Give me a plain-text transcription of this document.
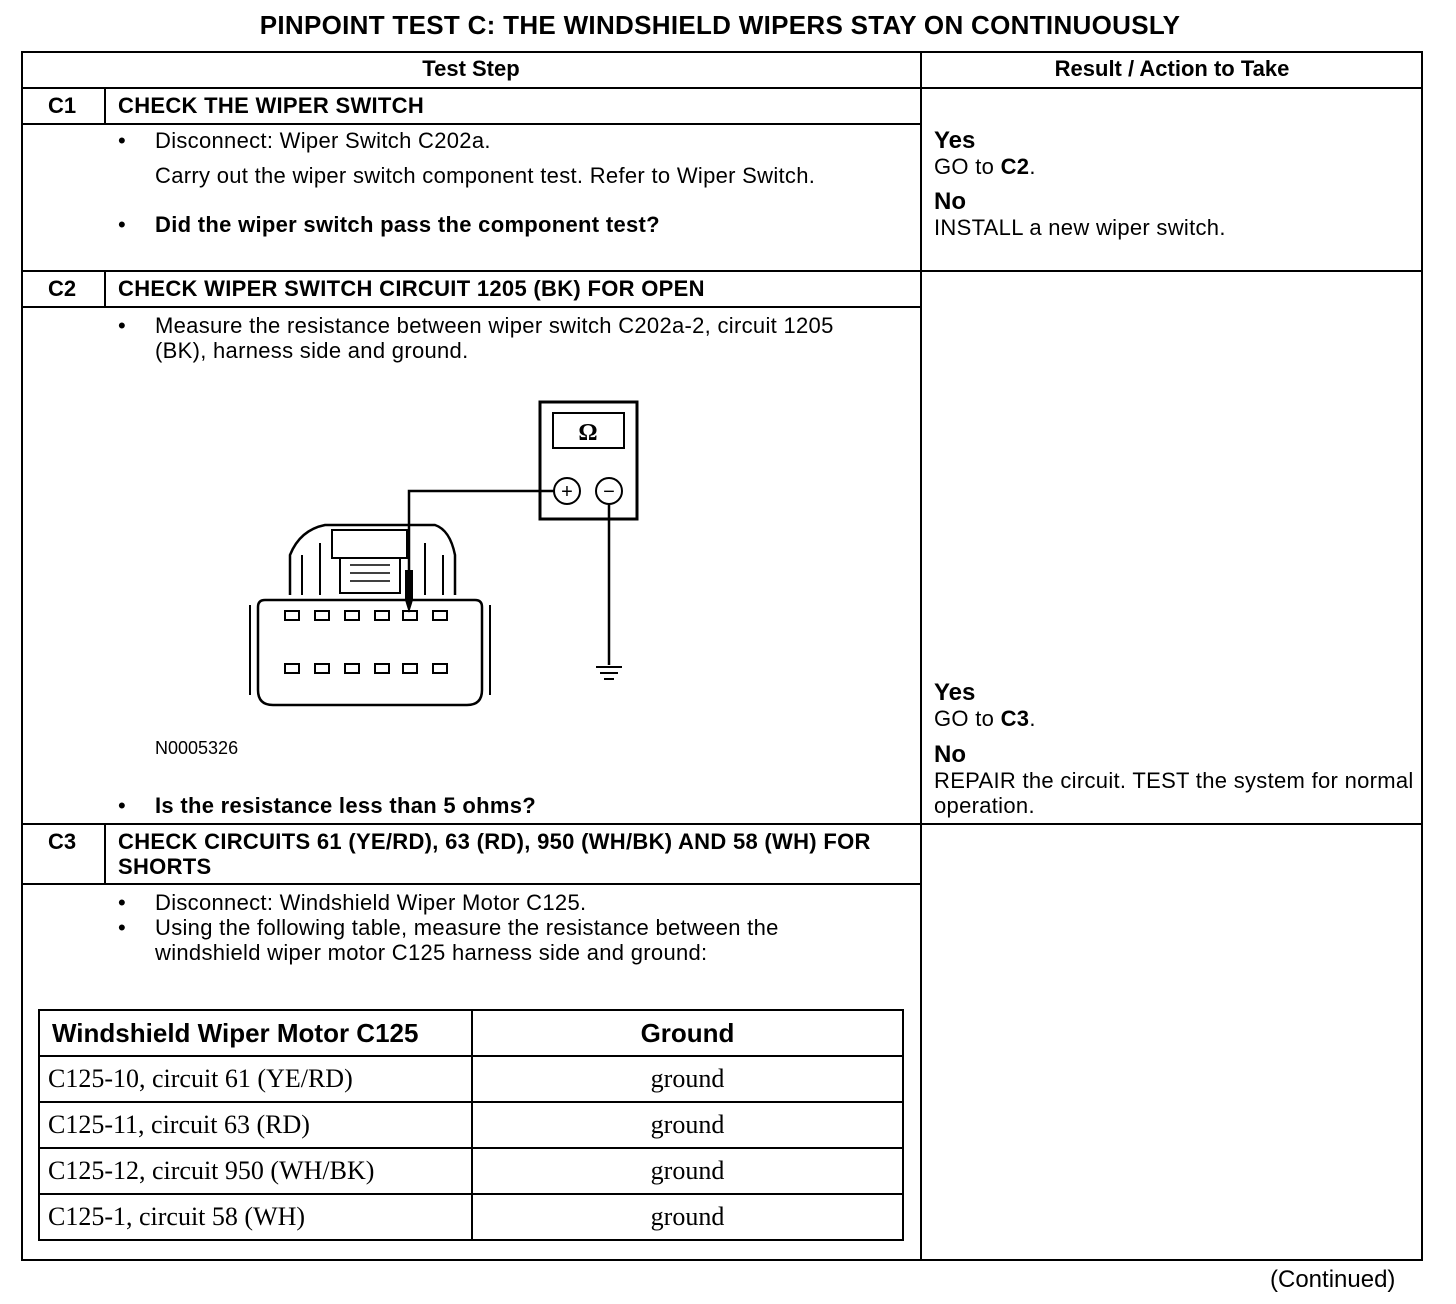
PINPOINT TEST C: THE WINDSHIELD WIPERS STAY ON CONTINUOUSLY
Test Step	Result / Action to Take
C1	CHECK THE WIPER SWITCH
• Disconnect: Wiper Switch C202a.
Carry out the wiper switch component test. Refer to Wiper Switch.
• Did the wiper switch pass the component test?
Yes
GO to C2.
No
INSTALL a new wiper switch.
C2	CHECK WIPER SWITCH CIRCUIT 1205 (BK) FOR OPEN
• Measure the resistance between wiper switch C202a-2, circuit 1205 (BK), harness side and ground.
Ω
+ −
N0005326
• Is the resistance less than 5 ohms?
Yes
GO to C3.
No
REPAIR the circuit. TEST the system for normal operation.
C3	CHECK CIRCUITS 61 (YE/RD), 63 (RD), 950 (WH/BK) AND 58 (WH) FOR SHORTS
• Disconnect: Windshield Wiper Motor C125.
• Using the following table, measure the resistance between the windshield wiper motor C125 harness side and ground:
Windshield Wiper Motor C125	Ground
C125-10, circuit 61 (YE/RD)	ground
C125-11, circuit 63 (RD)	ground
C125-12, circuit 950 (WH/BK)	ground
C125-1, circuit 58 (WH)	ground
(Continued)
